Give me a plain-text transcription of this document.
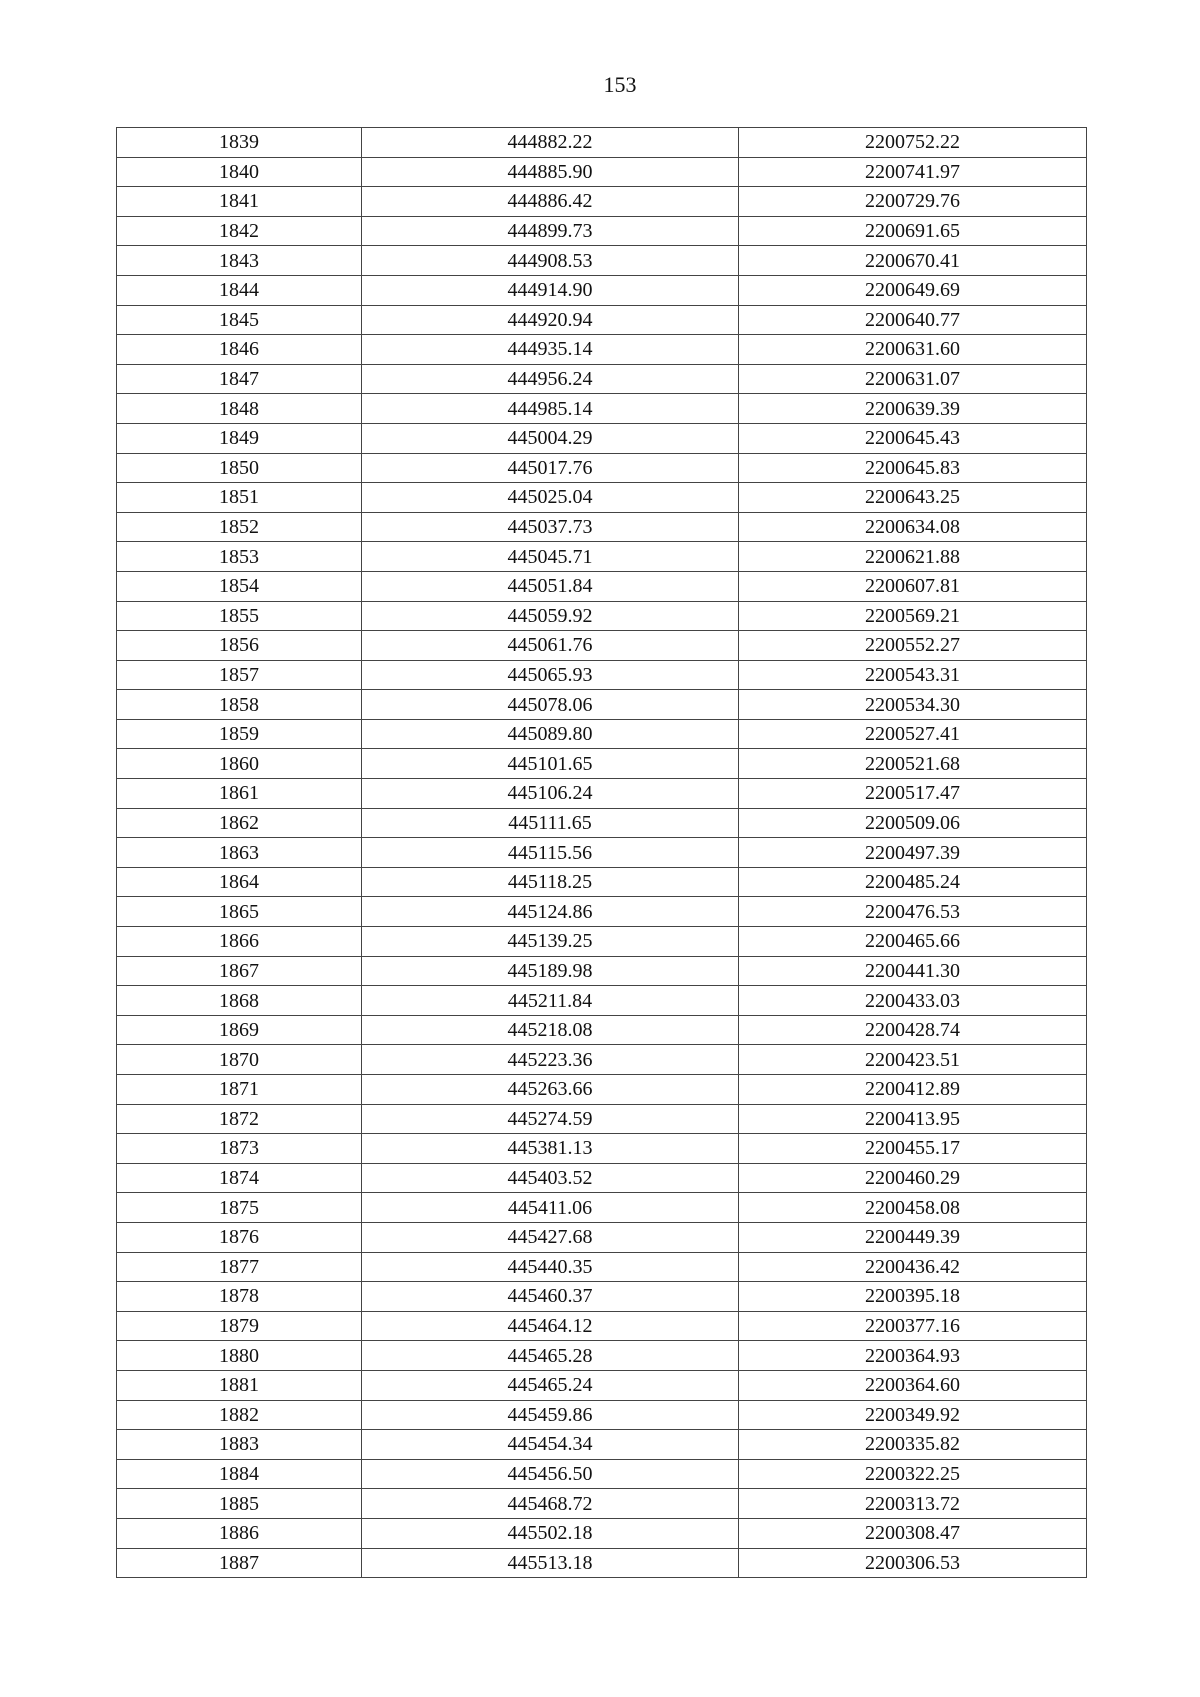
153
1839	444882.22	2200752.22
1840	444885.90	2200741.97
1841	444886.42	2200729.76
1842	444899.73	2200691.65
1843	444908.53	2200670.41
1844	444914.90	2200649.69
1845	444920.94	2200640.77
1846	444935.14	2200631.60
1847	444956.24	2200631.07
1848	444985.14	2200639.39
1849	445004.29	2200645.43
1850	445017.76	2200645.83
1851	445025.04	2200643.25
1852	445037.73	2200634.08
1853	445045.71	2200621.88
1854	445051.84	2200607.81
1855	445059.92	2200569.21
1856	445061.76	2200552.27
1857	445065.93	2200543.31
1858	445078.06	2200534.30
1859	445089.80	2200527.41
1860	445101.65	2200521.68
1861	445106.24	2200517.47
1862	445111.65	2200509.06
1863	445115.56	2200497.39
1864	445118.25	2200485.24
1865	445124.86	2200476.53
1866	445139.25	2200465.66
1867	445189.98	2200441.30
1868	445211.84	2200433.03
1869	445218.08	2200428.74
1870	445223.36	2200423.51
1871	445263.66	2200412.89
1872	445274.59	2200413.95
1873	445381.13	2200455.17
1874	445403.52	2200460.29
1875	445411.06	2200458.08
1876	445427.68	2200449.39
1877	445440.35	2200436.42
1878	445460.37	2200395.18
1879	445464.12	2200377.16
1880	445465.28	2200364.93
1881	445465.24	2200364.60
1882	445459.86	2200349.92
1883	445454.34	2200335.82
1884	445456.50	2200322.25
1885	445468.72	2200313.72
1886	445502.18	2200308.47
1887	445513.18	2200306.53
